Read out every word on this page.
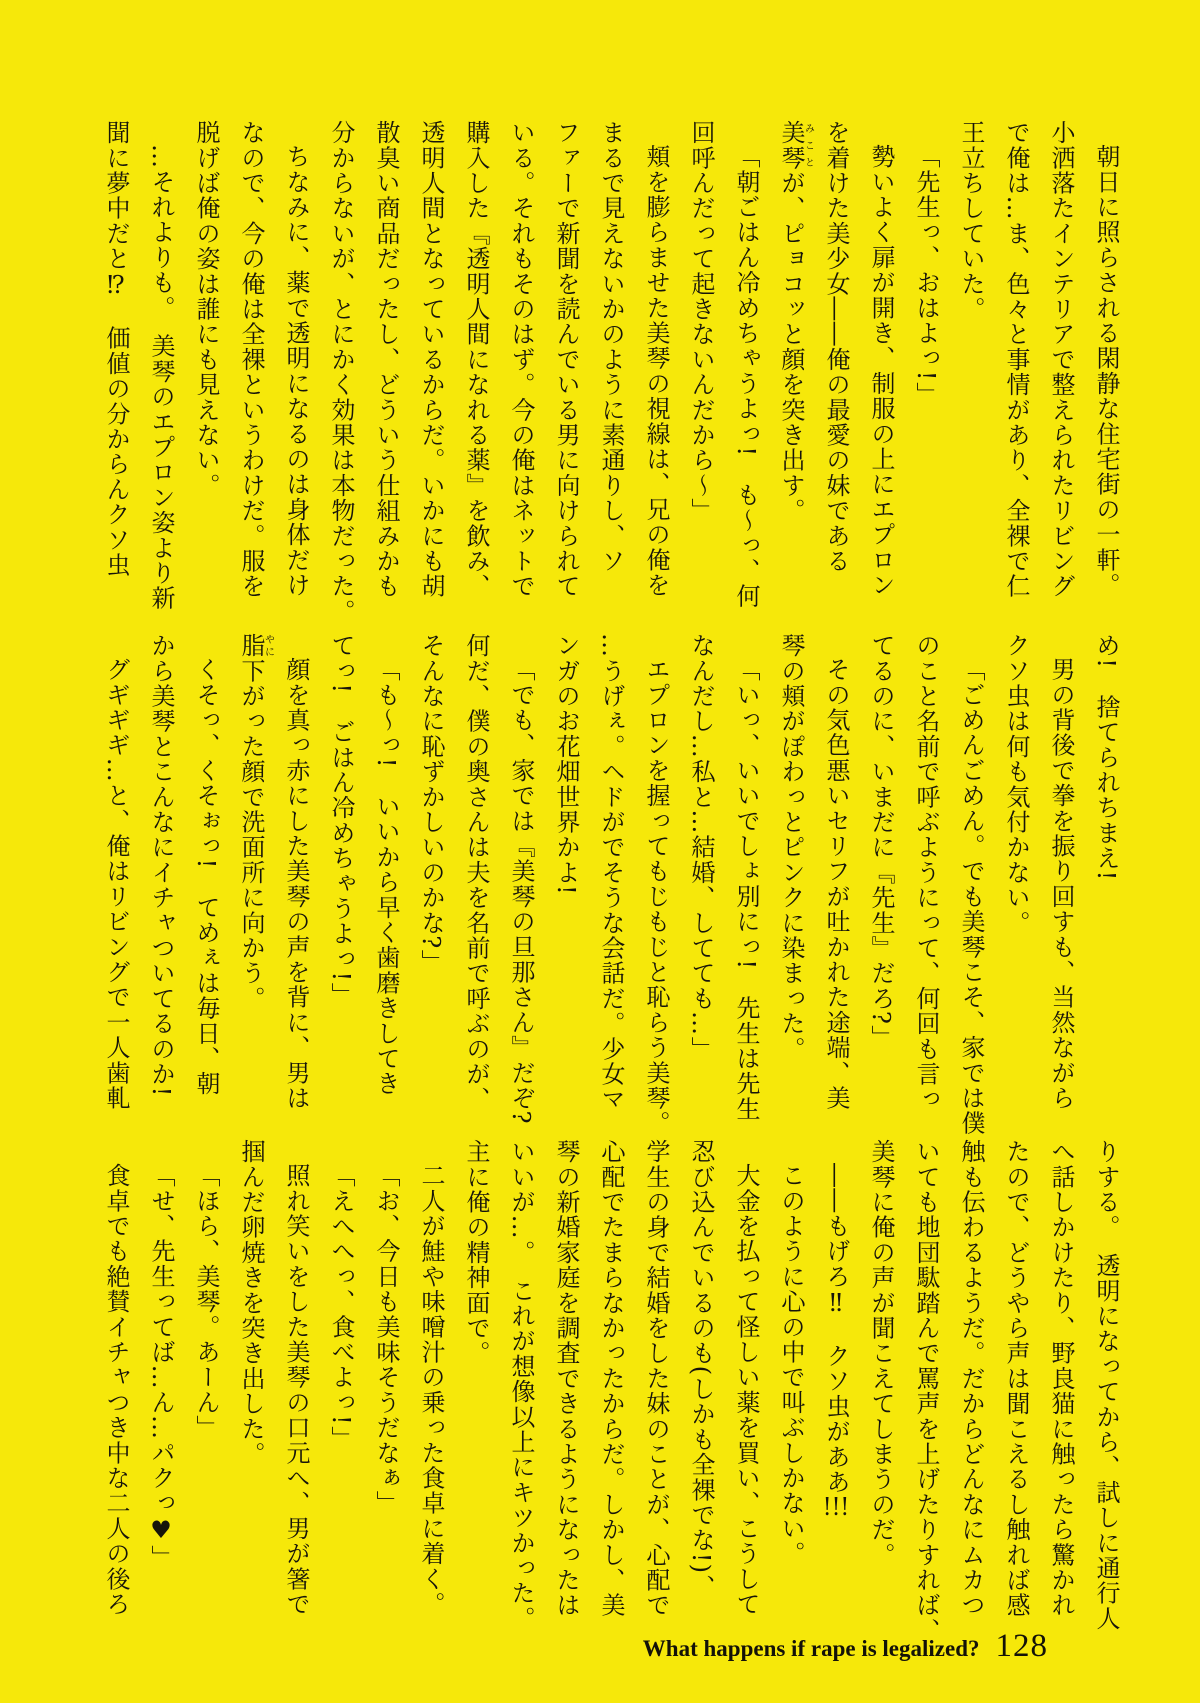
朝日に照らされる閑静な住宅街の一軒。
小洒落たインテリアで整えられたリビング
で俺は…ま、色々と事情があり、全裸で仁
王立ちしていた。
「先生っ、おはよっ!」
勢いよく扉が開き、制服の上にエプロン
を着けた美少女――俺の最愛の妹である
美琴みことが、ピョコッと顔を突き出す。
「朝ごはん冷めちゃうよっ!　も〜っ、何
回呼んだって起きないんだから〜」
頬を膨らませた美琴の視線は、兄の俺を
まるで見えないかのように素通りし、ソ
ファーで新聞を読んでいる男に向けられて
いる。それもそのはず。今の俺はネットで
購入した『透明人間になれる薬』を飲み、
透明人間となっているからだ。いかにも胡
散臭い商品だったし、どういう仕組みかも
分からないが、とにかく効果は本物だった。
ちなみに、薬で透明になるのは身体だけ
なので、今の俺は全裸というわけだ。服を
脱げば俺の姿は誰にも見えない。
…それよりも。　美琴のエプロン姿より新
聞に夢中だと⁉　価値の分からんクソ虫
め!　捨てられちまえ!
男の背後で拳を振り回すも、当然ながら
クソ虫は何も気付かない。
「ごめんごめん。でも美琴こそ、家では僕
のこと名前で呼ぶようにって、何回も言っ
てるのに、いまだに『先生』だろ?」
その気色悪いセリフが吐かれた途端、美
琴の頬がぽわっとピンクに染まった。
「いっ、いいでしょ別にっ!　先生は先生
なんだし…私と…結婚、してても…」
エプロンを握ってもじもじと恥らう美琴。
…うげぇ。ヘドがでそうな会話だ。少女マ
ンガのお花畑世界かよ!
「でも、家では『美琴の旦那さん』だぞ?
何だ、僕の奥さんは夫を名前で呼ぶのが、
そんなに恥ずかしいのかな?」
「も〜っ!　いいから早く歯磨きしてき
てっ!　ごはん冷めちゃうよっ!」
顔を真っ赤にした美琴の声を背に、男は
脂やに下がった顔で洗面所に向かう。
くそっ、くそぉっ!　てめぇは毎日、朝
から美琴とこんなにイチャついてるのか!
グギギギ…と、俺はリビングで一人歯軋
りする。　透明になってから、試しに通行人
へ話しかけたり、野良猫に触ったら驚かれ
たので、どうやら声は聞こえるし触れば感
触も伝わるようだ。だからどんなにムカつ
いても地団駄踏んで罵声を上げたりすれば、
美琴に俺の声が聞こえてしまうのだ。
――もげろ‼　クソ虫がああ!!!
このように心の中で叫ぶしかない。
大金を払って怪しい薬を買い、こうして
忍び込んでいるのも(しかも全裸でな!)、
学生の身で結婚をした妹のことが、心配で
心配でたまらなかったからだ。しかし、美
琴の新婚家庭を調査できるようになったは
いいが…。　これが想像以上にキツかった。
主に俺の精神面で。
二人が鮭や味噌汁の乗った食卓に着く。
「お、今日も美味そうだなぁ」
「えへへっ、食べよっ!」
照れ笑いをした美琴の口元へ、男が箸で
掴んだ卵焼きを突き出した。
「ほら、美琴。あーん」
「せ、先生ってば…ん…パクっ♥」
食卓でも絶賛イチャつき中な二人の後ろ
What happens if rape is legalized? 128
